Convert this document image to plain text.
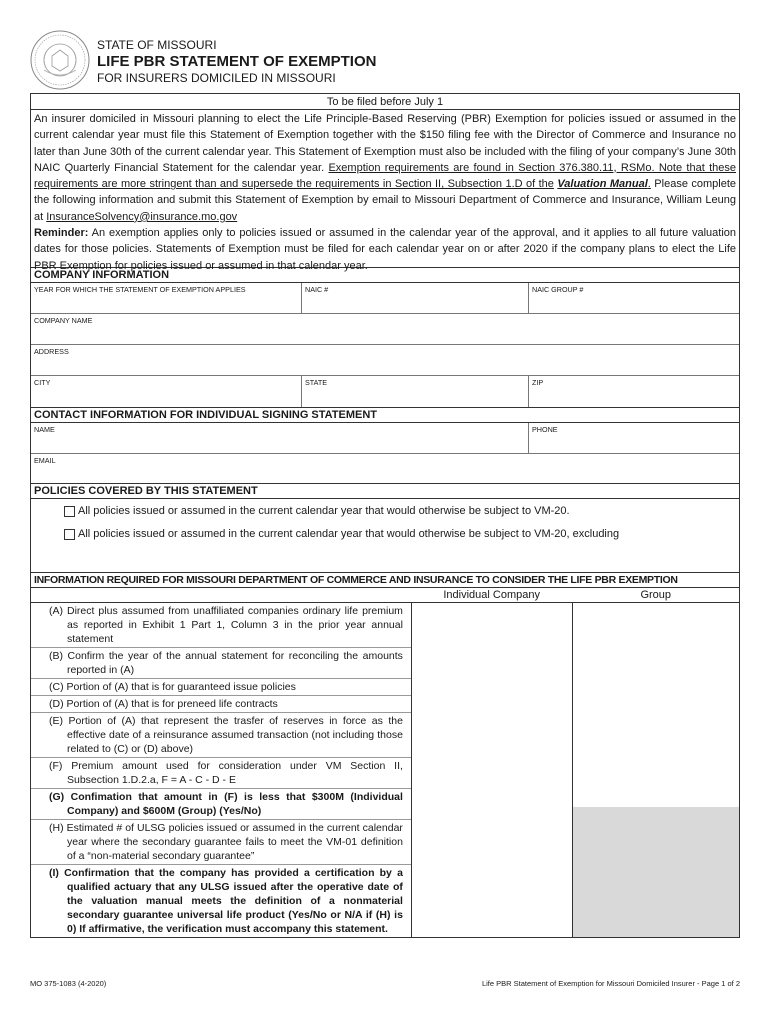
STATE OF MISSOURI
LIFE PBR STATEMENT OF EXEMPTION
FOR INSURERS DOMICILED IN MISSOURI
To be filed before July 1
An insurer domiciled in Missouri planning to elect the Life Principle-Based Reserving (PBR) Exemption for policies issued or assumed in the current calendar year must file this Statement of Exemption together with the $150 filing fee with the Director of Commerce and Insurance no later than June 30th of the current calendar year. This Statement of Exemption must also be included with the filing of your company’s June 30th NAIC Quarterly Financial Statement for the calendar year. Exemption requirements are found in Section 376.380.11, RSMo. Note that these requirements are more stringent than and supersede the requirements in Section II, Subsection 1.D of the Valuation Manual. Please complete the following information and submit this Statement of Exemption by email to Missouri Department of Commerce and Insurance, William Leung at InsuranceSolvency@insurance.mo.gov
Reminder: An exemption applies only to policies issued or assumed in the calendar year of the approval, and it applies to all future valuation dates for those policies. Statements of Exemption must be filed for each calendar year on or after 2020 if the company plans to elect the Life PBR Exemption for policies issued or assumed in that calendar year.
COMPANY INFORMATION
YEAR FOR WHICH THE STATEMENT OF EXEMPTION APPLIES	NAIC #	NAIC GROUP #
COMPANY NAME
ADDRESS
CITY	STATE	ZIP
CONTACT INFORMATION FOR INDIVIDUAL SIGNING STATEMENT
NAME	PHONE
EMAIL
POLICIES COVERED BY THIS STATEMENT
All policies issued or assumed in the current calendar year that would otherwise be subject to VM-20.
All policies issued or assumed in the current calendar year that would otherwise be subject to VM-20, excluding
INFORMATION REQUIRED FOR MISSOURI DEPARTMENT OF COMMERCE AND INSURANCE TO CONSIDER THE LIFE PBR EXEMPTION
Individual Company	Group
(A) Direct plus assumed from unaffiliated companies ordinary life premium as reported in Exhibit 1 Part 1, Column 3 in the prior year annual statement
(B) Confirm the year of the annual statement for reconciling the amounts reported in (A)
(C) Portion of (A) that is for guaranteed issue policies
(D) Portion of (A) that is for preneed life contracts
(E) Portion of (A) that represent the trasfer of reserves in force as the effective date of a reinsurance assumed transaction (not including those related to (C) or (D) above)
(F) Premium amount used for consideration under VM Section II, Subsection 1.D.2.a, F = A - C - D - E
(G) Confimation that amount in (F) is less that $300M (Individual Company) and $600M (Group) (Yes/No)
(H) Estimated # of ULSG policies issued or assumed in the current calendar year where the secondary guarantee fails to meet the VM-01 definition of a “non-material secondary guarantee”
(I) Confirmation that the company has provided a certification by a qualified actuary that any ULSG issued after the operative date of the valuation manual meets the definition of a nonmaterial secondary guarantee universal life product (Yes/No or N/A if (H) is 0) If affirmative, the verification must accompany this statement.
MO 375-1083 (4-2020)	Life PBR Statement of Exemption for Missouri Domiciled Insurer - Page 1 of 2
